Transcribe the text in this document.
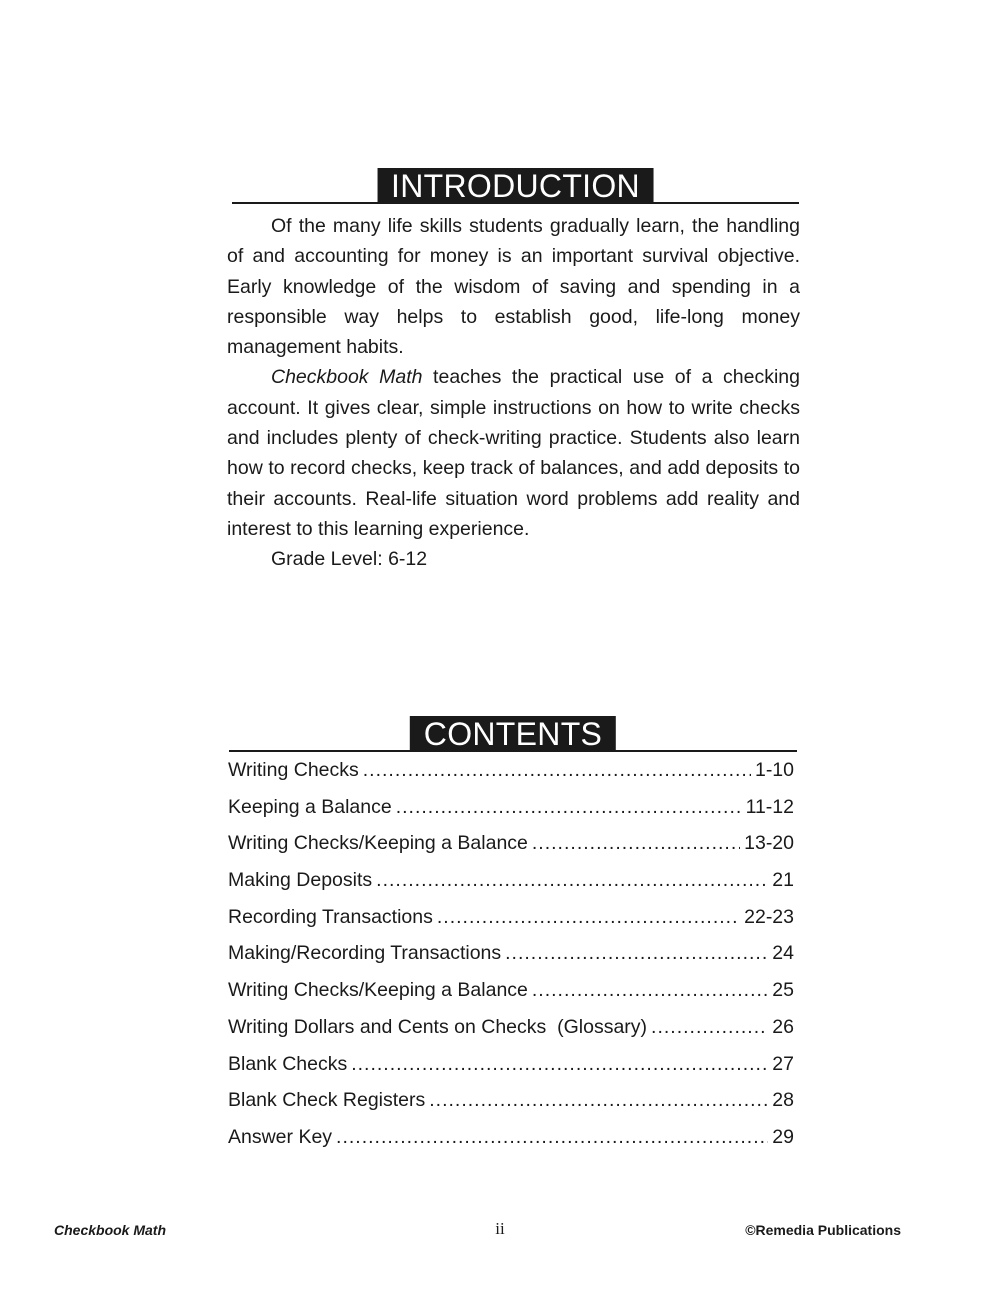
INTRODUCTION

Of the many life skills students gradually learn, the handling of and accounting for money is an important survival objective. Early knowledge of the wisdom of saving and spending in a responsible way helps to establish good, life-long money management habits.

Checkbook Math teaches the practical use of a checking account. It gives clear, simple instructions on how to write checks and includes plenty of check-writing practice. Students also learn how to record checks, keep track of balances, and add deposits to their accounts. Real-life situation word problems add reality and interest to this learning experience.

Grade Level: 6-12

CONTENTS
Writing Checks .....	1-10
Keeping a Balance .....	11-12
Writing Checks/Keeping a Balance .....	13-20
Making Deposits .....	21
Recording Transactions .....	22-23
Making/Recording Transactions .....	24
Writing Checks/Keeping a Balance .....	25
Writing Dollars and Cents on Checks  (Glossary) .....	26
Blank Checks .....	27
Blank Check Registers .....	28
Answer Key .....	29
Checkbook Math	ii	©Remedia Publications
